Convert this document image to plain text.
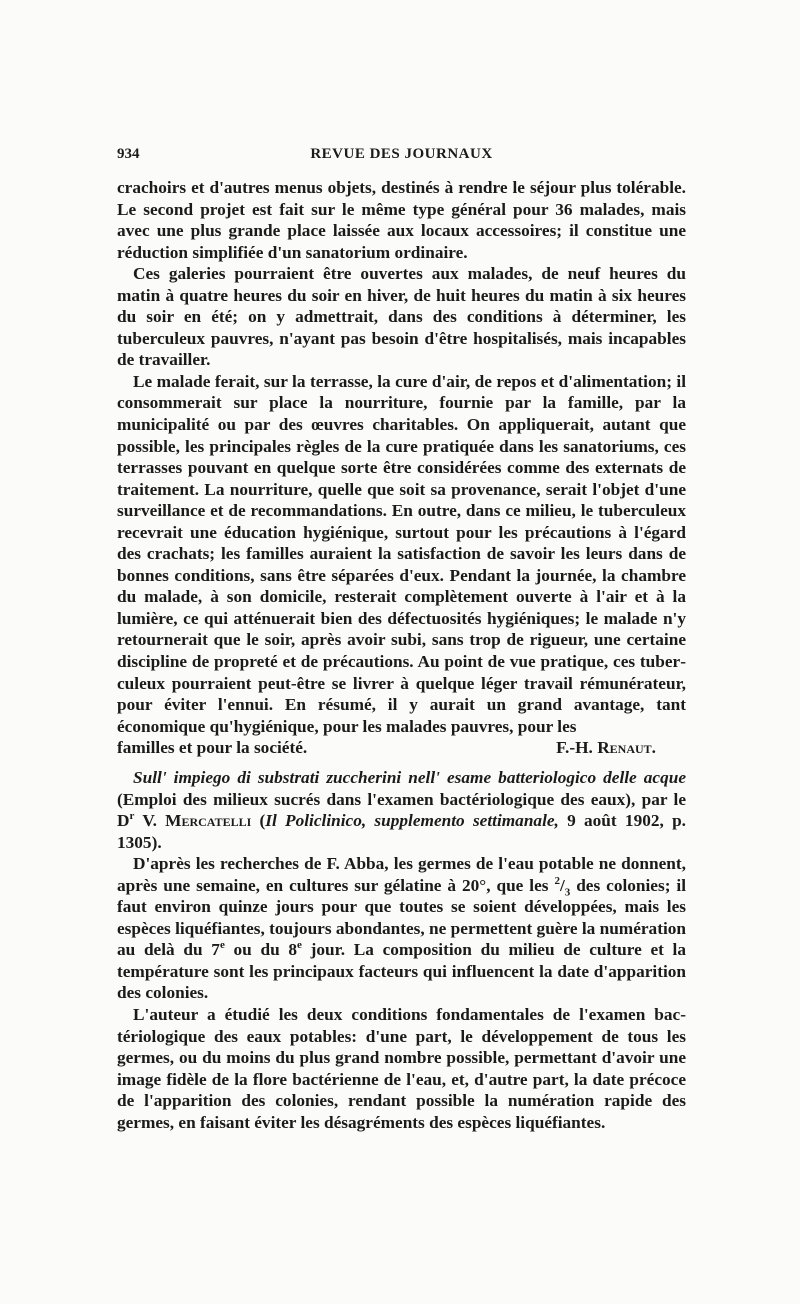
934	REVUE DES JOURNAUX

crachoirs et d'autres menus objets, destinés à rendre le séjour plus tolérable. Le second projet est fait sur le même type général pour 36 malades, mais avec une plus grande place laissée aux locaux accessoires; il constitue une réduction simplifiée d'un sanatorium ordinaire.

Ces galeries pourraient être ouvertes aux malades, de neuf heures du matin à quatre heures du soir en hiver, de huit heures du matin à six heures du soir en été; on y admettrait, dans des conditions à déterminer, les tuberculeux pauvres, n'ayant pas besoin d'être hospitalisés, mais incapables de travailler.

Le malade ferait, sur la terrasse, la cure d'air, de repos et d'alimentation; il consommerait sur place la nourriture, fournie par la famille, par la municipalité ou par des œuvres charitables. On appliquerait, autant que possible, les principales règles de la cure pratiquée dans les sanatoriums, ces terrasses pouvant en quelque sorte être considérées comme des externats de traitement. La nourriture, quelle que soit sa provenance, serait l'objet d'une surveillance et de recommandations. En outre, dans ce milieu, le tuberculeux recevrait une éducation hygiénique, surtout pour les précautions à l'égard des crachats; les familles auraient la satisfaction de savoir les leurs dans de bonnes conditions, sans être séparées d'eux. Pendant la journée, la chambre du malade, à son domicile, resterait complètement ouverte à l'air et à la lumière, ce qui atténuerait bien des défectuosités hygiéniques; le malade n'y retournerait que le soir, après avoir subi, sans trop de rigueur, une certaine discipline de propreté et de précautions. Au point de vue pratique, ces tuberculeux pourraient peut-être se livrer à quelque léger travail rémunérateur, pour éviter l'ennui. En résumé, il y aurait un grand avantage, tant économique qu'hygiénique, pour les malades pauvres, pour les

familles et pour la société.	F.-H. Renaut.

Sull' impiego di substrati zuccherini nell' esame batteriologico delle acque (Emploi des milieux sucrés dans l'examen bactériologique des eaux), par le $D^r$ V. Mercatelli (Il Policlinico, supplemento settimanale, 9 août 1902, p. 1305).

D'après les recherches de F. Abba, les germes de l'eau potable ne donnent, après une semaine, en cultures sur gélatine à 20°, que les $^2/_3$ des colonies; il faut environ quinze jours pour que toutes se soient développées, mais les espèces liquéfiantes, toujours abondantes, ne permettent guère la numération au delà du 7e ou du 8e jour. La composition du milieu de culture et la température sont les principaux facteurs qui influencent la date d'apparition des colonies.

L'auteur a étudié les deux conditions fondamentales de l'examen bactériologique des eaux potables: d'une part, le développement de tous les germes, ou du moins du plus grand nombre possible, permettant d'avoir une image fidèle de la flore bactérienne de l'eau, et, d'autre part, la date précoce de l'apparition des colonies, rendant possible la numération rapide des germes, en faisant éviter les désagréments des espèces liquéfiantes.
